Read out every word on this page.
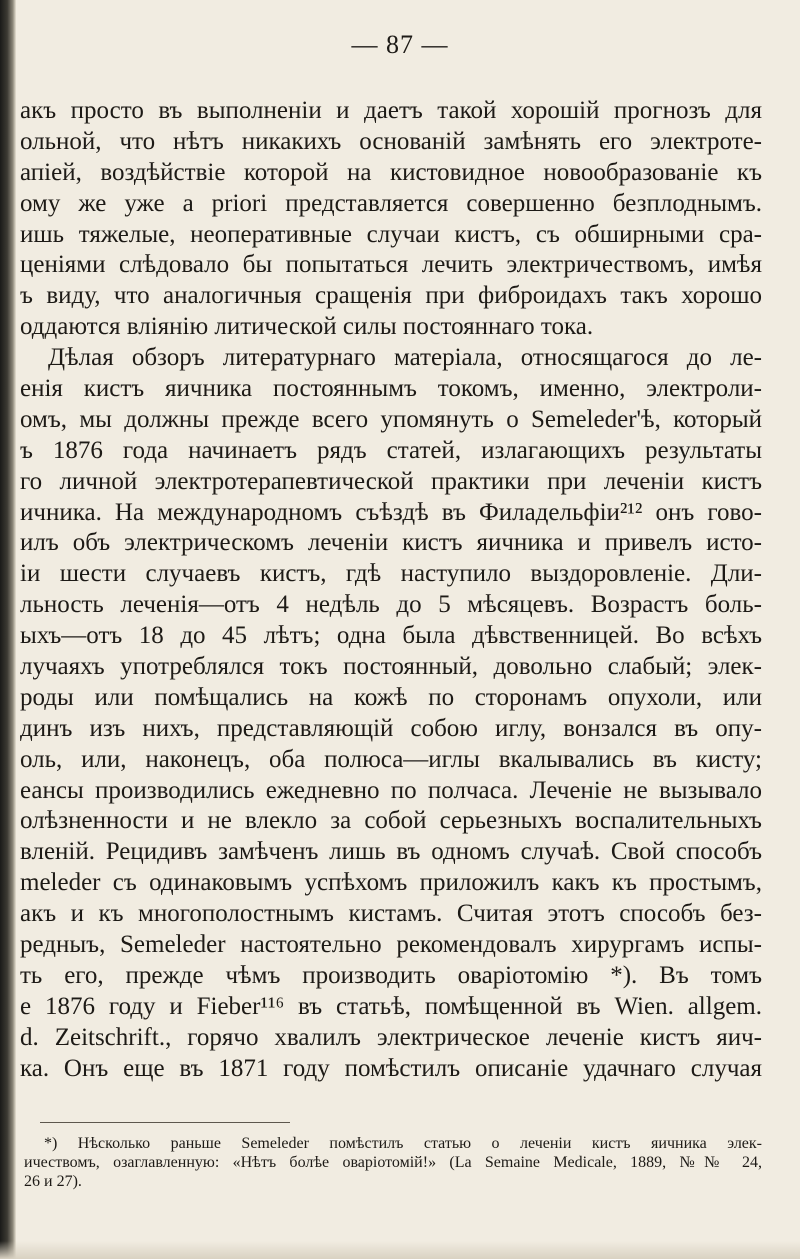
— 87 —
акъ просто въ выполненіи и даетъ такой хорошій прогнозъ для
ольной, что нѣтъ никакихъ основаній замѣнять его электроте-
апіей, воздѣйствіе которой на кистовидное новообразованіе къ
ому же уже a priori представляется совершенно безплоднымъ.
ишь тяжелые, неоперативные случаи кистъ, съ обширными сра-
ценіями слѣдовало бы попытаться лечить электричествомъ, имѣя
ъ виду, что аналогичныя сращенія при фиброидахъ такъ хорошо
оддаются вліянію литической силы постояннаго тока.
Дѣлая обзоръ литературнаго матеріала, относящагося до ле-
енія кистъ яичника постояннымъ токомъ, именно, электроли-
омъ, мы должны прежде всего упомянуть о Semeleder'ѣ, который
ъ 1876 года начинаетъ рядъ статей, излагающихъ результаты
го личной электротерапевтической практики при леченіи кистъ
ичника. На международномъ съѣздѣ въ Филадельфіи²¹² онъ гово-
илъ объ электрическомъ леченіи кистъ яичника и привелъ исто-
іи шести случаевъ кистъ, гдѣ наступило выздоровленіе. Дли-
льность леченія—отъ 4 недѣль до 5 мѣсяцевъ. Возрастъ боль-
ыхъ—отъ 18 до 45 лѣтъ; одна была дѣвственницей. Во всѣхъ
лучаяхъ употреблялся токъ постоянный, довольно слабый; элек-
роды или помѣщались на кожѣ по сторонамъ опухоли, или
динъ изъ нихъ, представляющій собою иглу, вонзался въ опу-
оль, или, наконецъ, оба полюса—иглы вкалывались въ кисту;
еансы производились ежедневно по полчаса. Леченіе не вызывало
олѣзненности и не влекло за собой серьезныхъ воспалительныхъ
вленій. Рецидивъ замѣченъ лишь въ одномъ случаѣ. Свой способъ
meleder съ одинаковымъ успѣхомъ приложилъ какъ къ простымъ,
акъ и къ многополостнымъ кистамъ. Считая этотъ способъ без-
редныъ, Semeleder настоятельно рекомендовалъ хирургамъ испы-
ть его, прежде чѣмъ производить оваріотомію *). Въ томъ
е 1876 году и Fieber¹¹⁶ въ статьѣ, помѣщенной въ Wien. allgem.
d. Zeitschrift., горячо хвалилъ электрическое леченіе кистъ яич-
ка. Онъ еще въ 1871 году помѣстилъ описаніе удачнаго случая
*) Нѣсколько раньше Semeleder помѣстилъ статью о леченіи кистъ яичника элек-
ичествомъ, озаглавленную: «Нѣтъ болѣе оваріотомій!» (La Semaine Medicale, 1889, №№ 24,
26 и 27).
